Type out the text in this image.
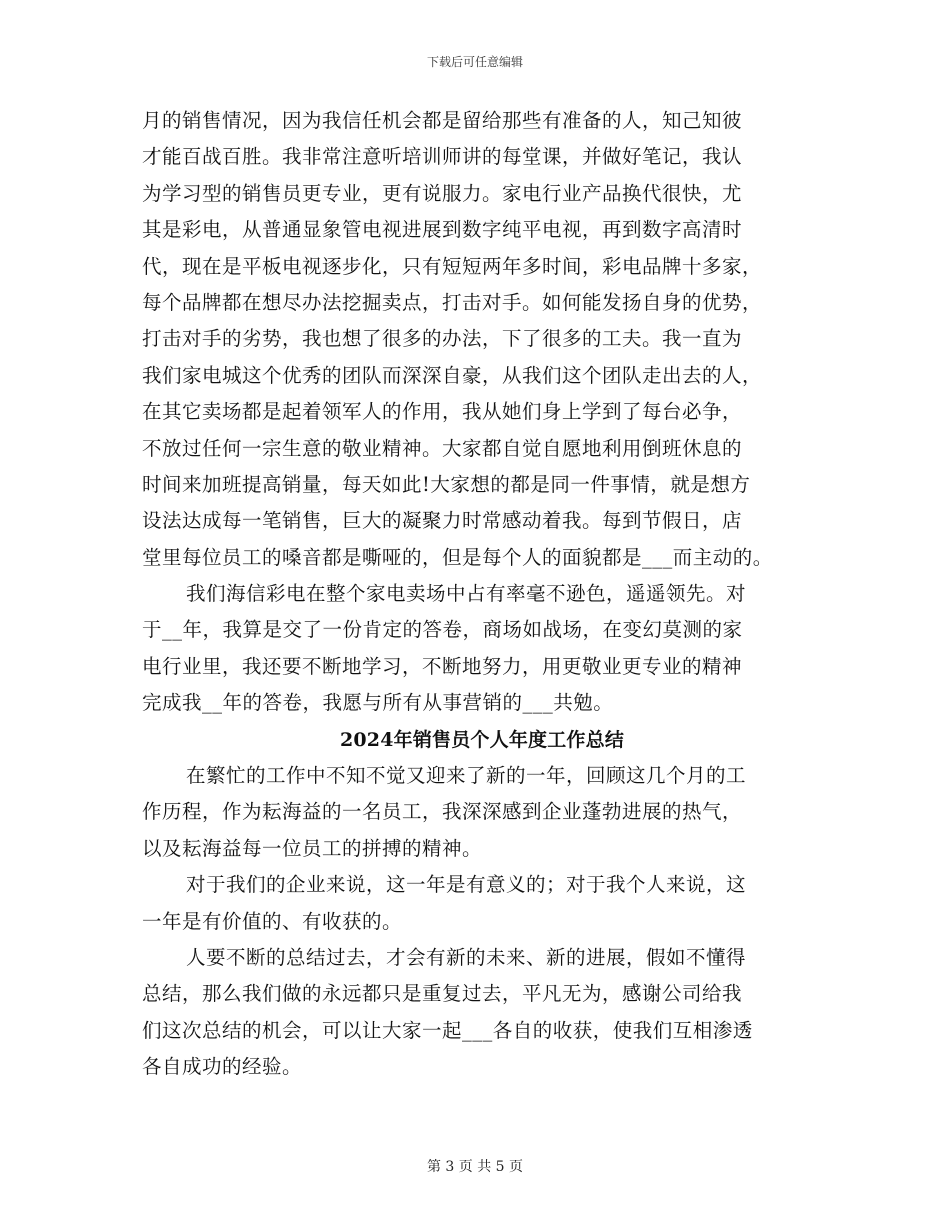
下载后可任意编辑
月的销售情况，因为我信任机会都是留给那些有准备的人，知己知彼
才能百战百胜。我非常注意听培训师讲的每堂课，并做好笔记，我认
为学习型的销售员更专业，更有说服力。家电行业产品换代很快，尤
其是彩电，从普通显象管电视进展到数字纯平电视，再到数字高清时
代，现在是平板电视逐步化，只有短短两年多时间，彩电品牌十多家，
每个品牌都在想尽办法挖掘卖点，打击对手。如何能发扬自身的优势，
打击对手的劣势，我也想了很多的办法，下了很多的工夫。我一直为
我们家电城这个优秀的团队而深深自豪，从我们这个团队走出去的人，
在其它卖场都是起着领军人的作用，我从她们身上学到了每台必争，
不放过任何一宗生意的敬业精神。大家都自觉自愿地利用倒班休息的
时间来加班提高销量，每天如此!大家想的都是同一件事情，就是想方
设法达成每一笔销售，巨大的凝聚力时常感动着我。每到节假日，店
堂里每位员工的嗓音都是嘶哑的，但是每个人的面貌都是___而主动的。
我们海信彩电在整个家电卖场中占有率毫不逊色，遥遥领先。对
于__年，我算是交了一份肯定的答卷，商场如战场，在变幻莫测的家
电行业里，我还要不断地学习，不断地努力，用更敬业更专业的精神
完成我__年的答卷，我愿与所有从事营销的___共勉。
2024年销售员个人年度工作总结
在繁忙的工作中不知不觉又迎来了新的一年，回顾这几个月的工
作历程，作为耘海益的一名员工，我深深感到企业蓬勃进展的热气，
以及耘海益每一位员工的拼搏的精神。
对于我们的企业来说，这一年是有意义的；对于我个人来说，这
一年是有价值的、有收获的。
人要不断的总结过去，才会有新的未来、新的进展，假如不懂得
总结，那么我们做的永远都只是重复过去，平凡无为，感谢公司给我
们这次总结的机会，可以让大家一起___各自的收获，使我们互相渗透
各自成功的经验。
第 3 页 共 5 页
